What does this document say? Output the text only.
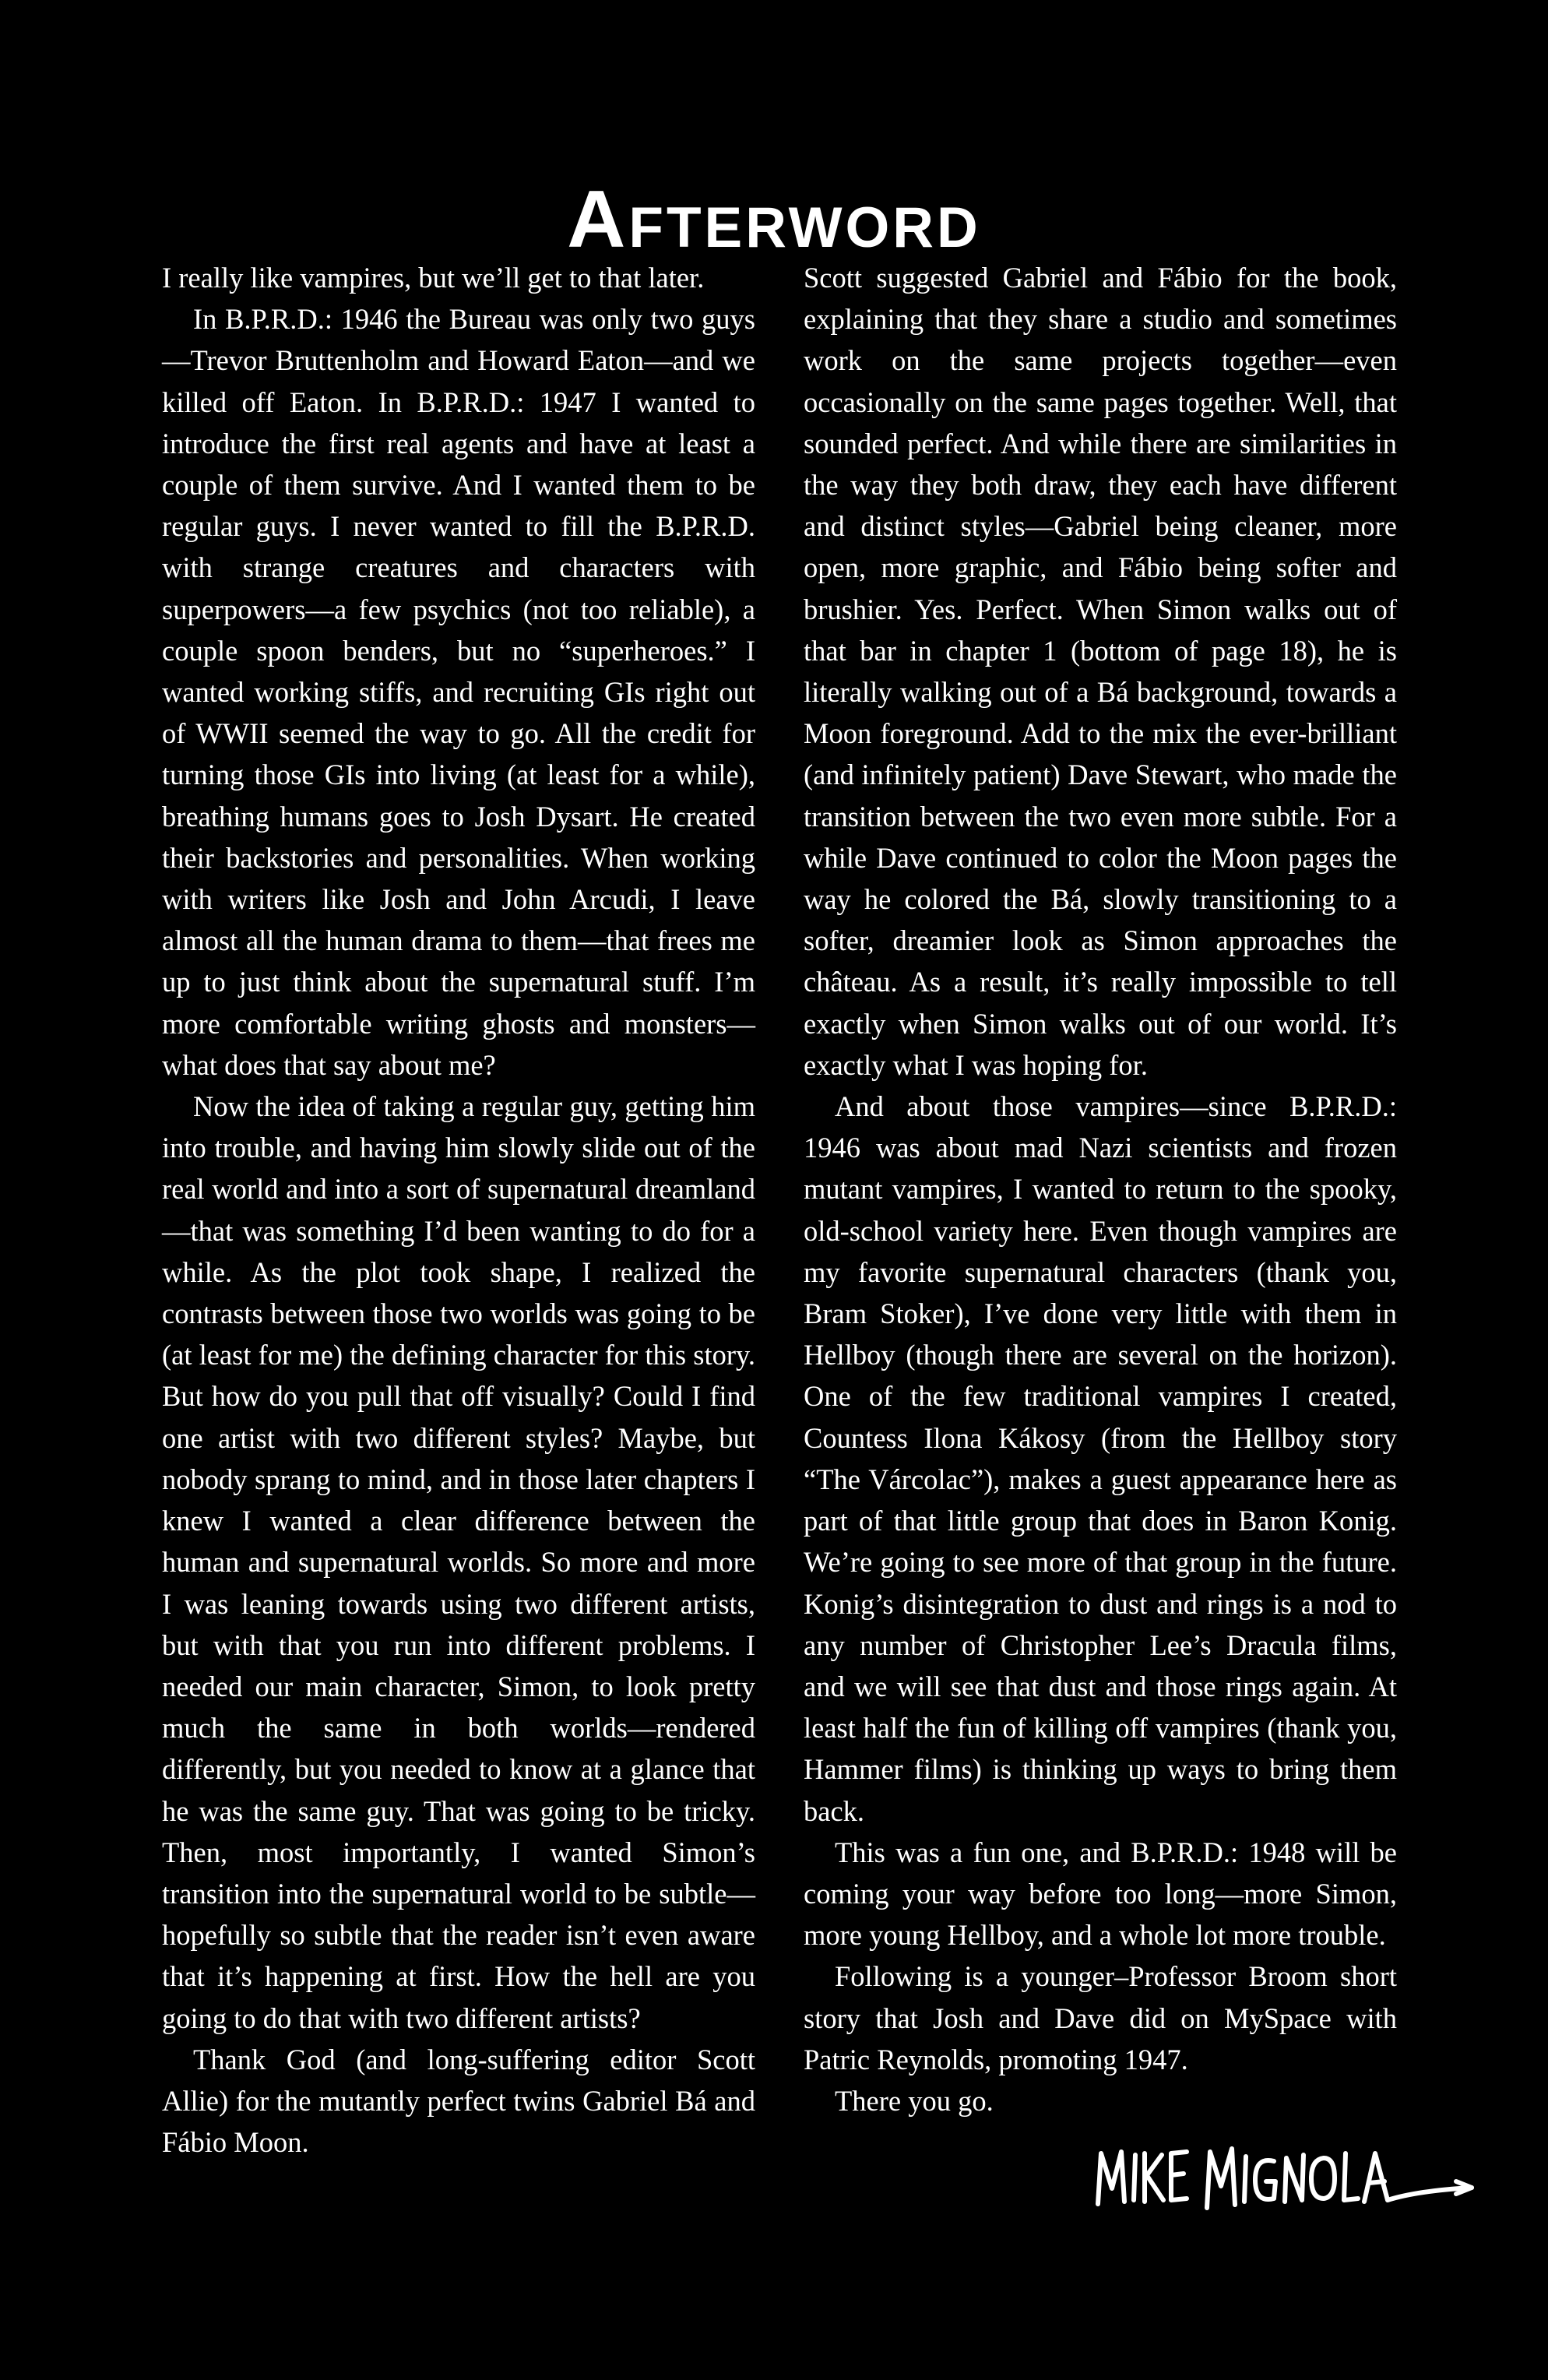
Afterword

I really like vampires, but we’ll get to that later.

In B.P.R.D.: 1946 the Bureau was only two guys—Trevor Bruttenholm and Howard Eaton—and we killed off Eaton. In B.P.R.D.: 1947 I wanted to introduce the first real agents and have at least a couple of them survive. And I wanted them to be regular guys. I never wanted to fill the B.P.R.D. with strange creatures and characters with superpowers—a few psychics (not too reliable), a couple spoon benders, but no “superheroes.” I wanted working stiffs, and recruiting GIs right out of WWII seemed the way to go. All the credit for turning those GIs into living (at least for a while), breathing humans goes to Josh Dysart. He created their backstories and personalities. When working with writers like Josh and John Arcudi, I leave almost all the human drama to them—that frees me up to just think about the supernatural stuff. I’m more comfortable writing ghosts and monsters—what does that say about me?

Now the idea of taking a regular guy, getting him into trouble, and having him slowly slide out of the real world and into a sort of supernatural dreamland—that was something I’d been wanting to do for a while. As the plot took shape, I realized the contrasts between those two worlds was going to be (at least for me) the defining character for this story. But how do you pull that off visually? Could I find one artist with two different styles? Maybe, but nobody sprang to mind, and in those later chapters I knew I wanted a clear difference between the human and supernatural worlds. So more and more I was leaning towards using two different artists, but with that you run into different problems. I needed our main character, Simon, to look pretty much the same in both worlds—rendered differently, but you needed to know at a glance that he was the same guy. That was going to be tricky. Then, most importantly, I wanted Simon’s transition into the supernatural world to be subtle—hopefully so subtle that the reader isn’t even aware that it’s happening at first. How the hell are you going to do that with two different artists?

Thank God (and long-suffering editor Scott Allie) for the mutantly perfect twins Gabriel Bá and Fábio Moon.

Scott suggested Gabriel and Fábio for the book, explaining that they share a studio and sometimes work on the same projects together—even occasionally on the same pages together. Well, that sounded perfect. And while there are similarities in the way they both draw, they each have different and distinct styles—Gabriel being cleaner, more open, more graphic, and Fábio being softer and brushier. Yes. Perfect. When Simon walks out of that bar in chapter 1 (bottom of page 18), he is literally walking out of a Bá background, towards a Moon foreground. Add to the mix the ever-brilliant (and infinitely patient) Dave Stewart, who made the transition between the two even more subtle. For a while Dave continued to color the Moon pages the way he colored the Bá, slowly transitioning to a softer, dreamier look as Simon approaches the château. As a result, it’s really impossible to tell exactly when Simon walks out of our world. It’s exactly what I was hoping for.

And about those vampires—since B.P.R.D.: 1946 was about mad Nazi scientists and frozen mutant vampires, I wanted to return to the spooky, old-school variety here. Even though vampires are my favorite supernatural characters (thank you, Bram Stoker), I’ve done very little with them in Hellboy (though there are several on the horizon). One of the few traditional vampires I created, Countess Ilona Kákosy (from the Hellboy story “The Várcolac”), makes a guest appearance here as part of that little group that does in Baron Konig. We’re going to see more of that group in the future. Konig’s disintegration to dust and rings is a nod to any number of Christopher Lee’s Dracula films, and we will see that dust and those rings again. At least half the fun of killing off vampires (thank you, Hammer films) is thinking up ways to bring them back.

This was a fun one, and B.P.R.D.: 1948 will be coming your way before too long—more Simon, more young Hellboy, and a whole lot more trouble.

Following is a younger–Professor Broom short story that Josh and Dave did on MySpace with Patric Reynolds, promoting 1947.

There you go.
